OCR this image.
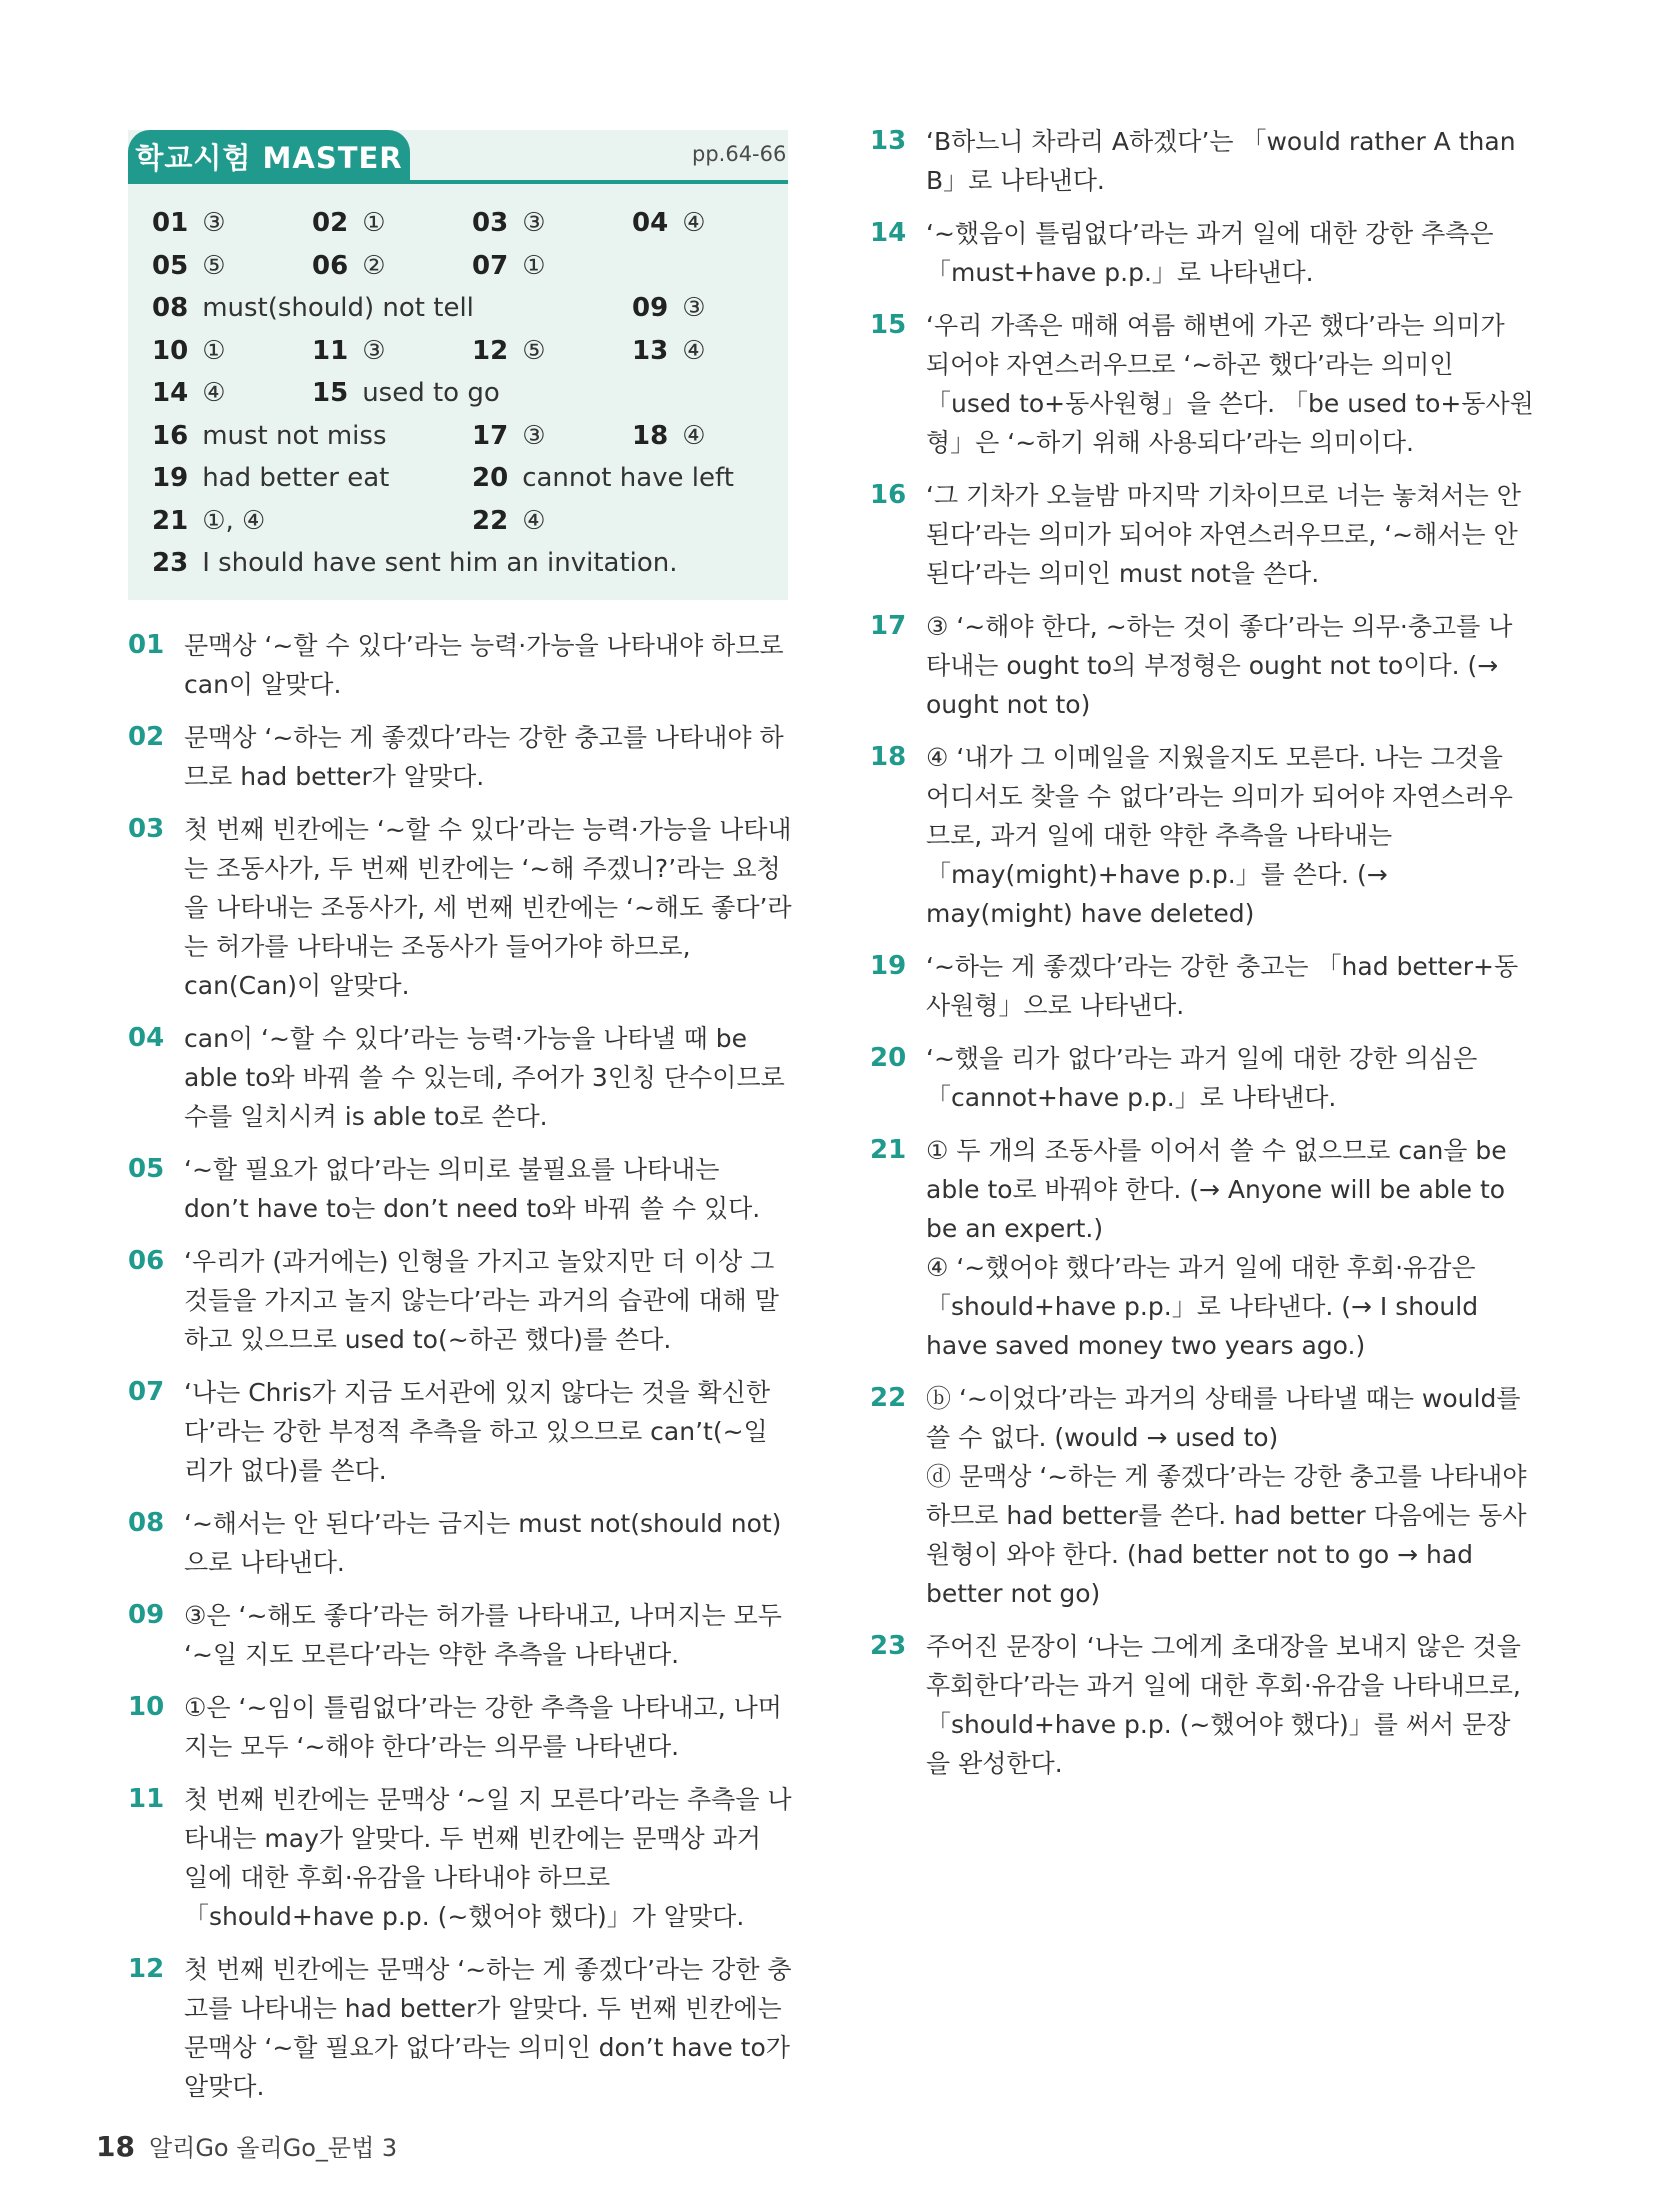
학교시험 MASTER
01 ③	02 ①	03 ③	04 ④
05 ⑤	06 ②	07 ①
08 must(should) not tell	09 ③
10 ①	11 ③	12 ⑤	13 ④
14 ④	15 used to go
16 must not miss	17 ③	18 ④
19 had better eat	20 cannot have left
21 ①, ④	22 ④
23 I should have sent him an invitation.
pp.64-66
01 문맥상 ‘~할 수 있다’라는 능력·가능을 나타내야 하므로 can이 알맞다.
02 문맥상 ‘~하는 게 좋겠다’라는 강한 충고를 나타내야 하므로 had better가 알맞다.
03 첫 번째 빈칸에는 ‘~할 수 있다’라는 능력·가능을 나타내는 조동사가, 두 번째 빈칸에는 ‘~해 주겠니?’라는 요청을 나타내는 조동사가, 세 번째 빈칸에는 ‘~해도 좋다’라는 허가를 나타내는 조동사가 들어가야 하므로, can(Can)이 알맞다.
04 can이 ‘~할 수 있다’라는 능력·가능을 나타낼 때 be able to와 바꿔 쓸 수 있는데, 주어가 3인칭 단수이므로 수를 일치시켜 is able to로 쓴다.
05 ‘~할 필요가 없다’라는 의미로 불필요를 나타내는 don’t have to는 don’t need to와 바꿔 쓸 수 있다.
06 ‘우리가 (과거에는) 인형을 가지고 놀았지만 더 이상 그것들을 가지고 놀지 않는다’라는 과거의 습관에 대해 말하고 있으므로 used to(~하곤 했다)를 쓴다.
07 ‘나는 Chris가 지금 도서관에 있지 않다는 것을 확신한다’라는 강한 부정적 추측을 하고 있으므로 can’t(~일 리가 없다)를 쓴다.
08 ‘~해서는 안 된다’라는 금지는 must not(should not)으로 나타낸다.
09 ③은 ‘~해도 좋다’라는 허가를 나타내고, 나머지는 모두 ‘~일 지도 모른다’라는 약한 추측을 나타낸다.
10 ①은 ‘~임이 틀림없다’라는 강한 추측을 나타내고, 나머지는 모두 ‘~해야 한다’라는 의무를 나타낸다.
11 첫 번째 빈칸에는 문맥상 ‘~일 지 모른다’라는 추측을 나타내는 may가 알맞다. 두 번째 빈칸에는 문맥상 과거 일에 대한 후회·유감을 나타내야 하므로 「should+have p.p. (~했어야 했다)」가 알맞다.
12 첫 번째 빈칸에는 문맥상 ‘~하는 게 좋겠다’라는 강한 충고를 나타내는 had better가 알맞다. 두 번째 빈칸에는 문맥상 ‘~할 필요가 없다’라는 의미인 don’t have to가 알맞다.
13 ‘B하느니 차라리 A하겠다’는 「would rather A than B」로 나타낸다.
14 ‘~했음이 틀림없다’라는 과거 일에 대한 강한 추측은 「must+have p.p.」로 나타낸다.
15 ‘우리 가족은 매해 여름 해변에 가곤 했다’라는 의미가 되어야 자연스러우므로 ‘~하곤 했다’라는 의미인 「used to+동사원형」을 쓴다. 「be used to+동사원형」은 ‘~하기 위해 사용되다’라는 의미이다.
16 ‘그 기차가 오늘밤 마지막 기차이므로 너는 놓쳐서는 안 된다’라는 의미가 되어야 자연스러우므로, ‘~해서는 안 된다’라는 의미인 must not을 쓴다.
17 ③ ‘~해야 한다, ~하는 것이 좋다’라는 의무·충고를 나타내는 ought to의 부정형은 ought not to이다. (→ ought not to)
18 ④ ‘내가 그 이메일을 지웠을지도 모른다. 나는 그것을 어디서도 찾을 수 없다’라는 의미가 되어야 자연스러우므로, 과거 일에 대한 약한 추측을 나타내는 「may(might)+have p.p.」를 쓴다. (→ may(might) have deleted)
19 ‘~하는 게 좋겠다’라는 강한 충고는 「had better+동사원형」으로 나타낸다.
20 ‘~했을 리가 없다’라는 과거 일에 대한 강한 의심은 「cannot+have p.p.」로 나타낸다.
21 ① 두 개의 조동사를 이어서 쓸 수 없으므로 can을 be able to로 바꿔야 한다. (→ Anyone will be able to be an expert.)
④ ‘~했어야 했다’라는 과거 일에 대한 후회·유감은 「should+have p.p.」로 나타낸다. (→ I should have saved money two years ago.)
22 ⓑ ‘~이었다’라는 과거의 상태를 나타낼 때는 would를 쓸 수 없다. (would → used to)
ⓓ 문맥상 ‘~하는 게 좋겠다’라는 강한 충고를 나타내야 하므로 had better를 쓴다. had better 다음에는 동사원형이 와야 한다. (had better not to go → had better not go)
23 주어진 문장이 ‘나는 그에게 초대장을 보내지 않은 것을 후회한다’라는 과거 일에 대한 후회·유감을 나타내므로, 「should+have p.p. (~했어야 했다)」를 써서 문장을 완성한다.
18 알리Go 올리Go_문법 3
